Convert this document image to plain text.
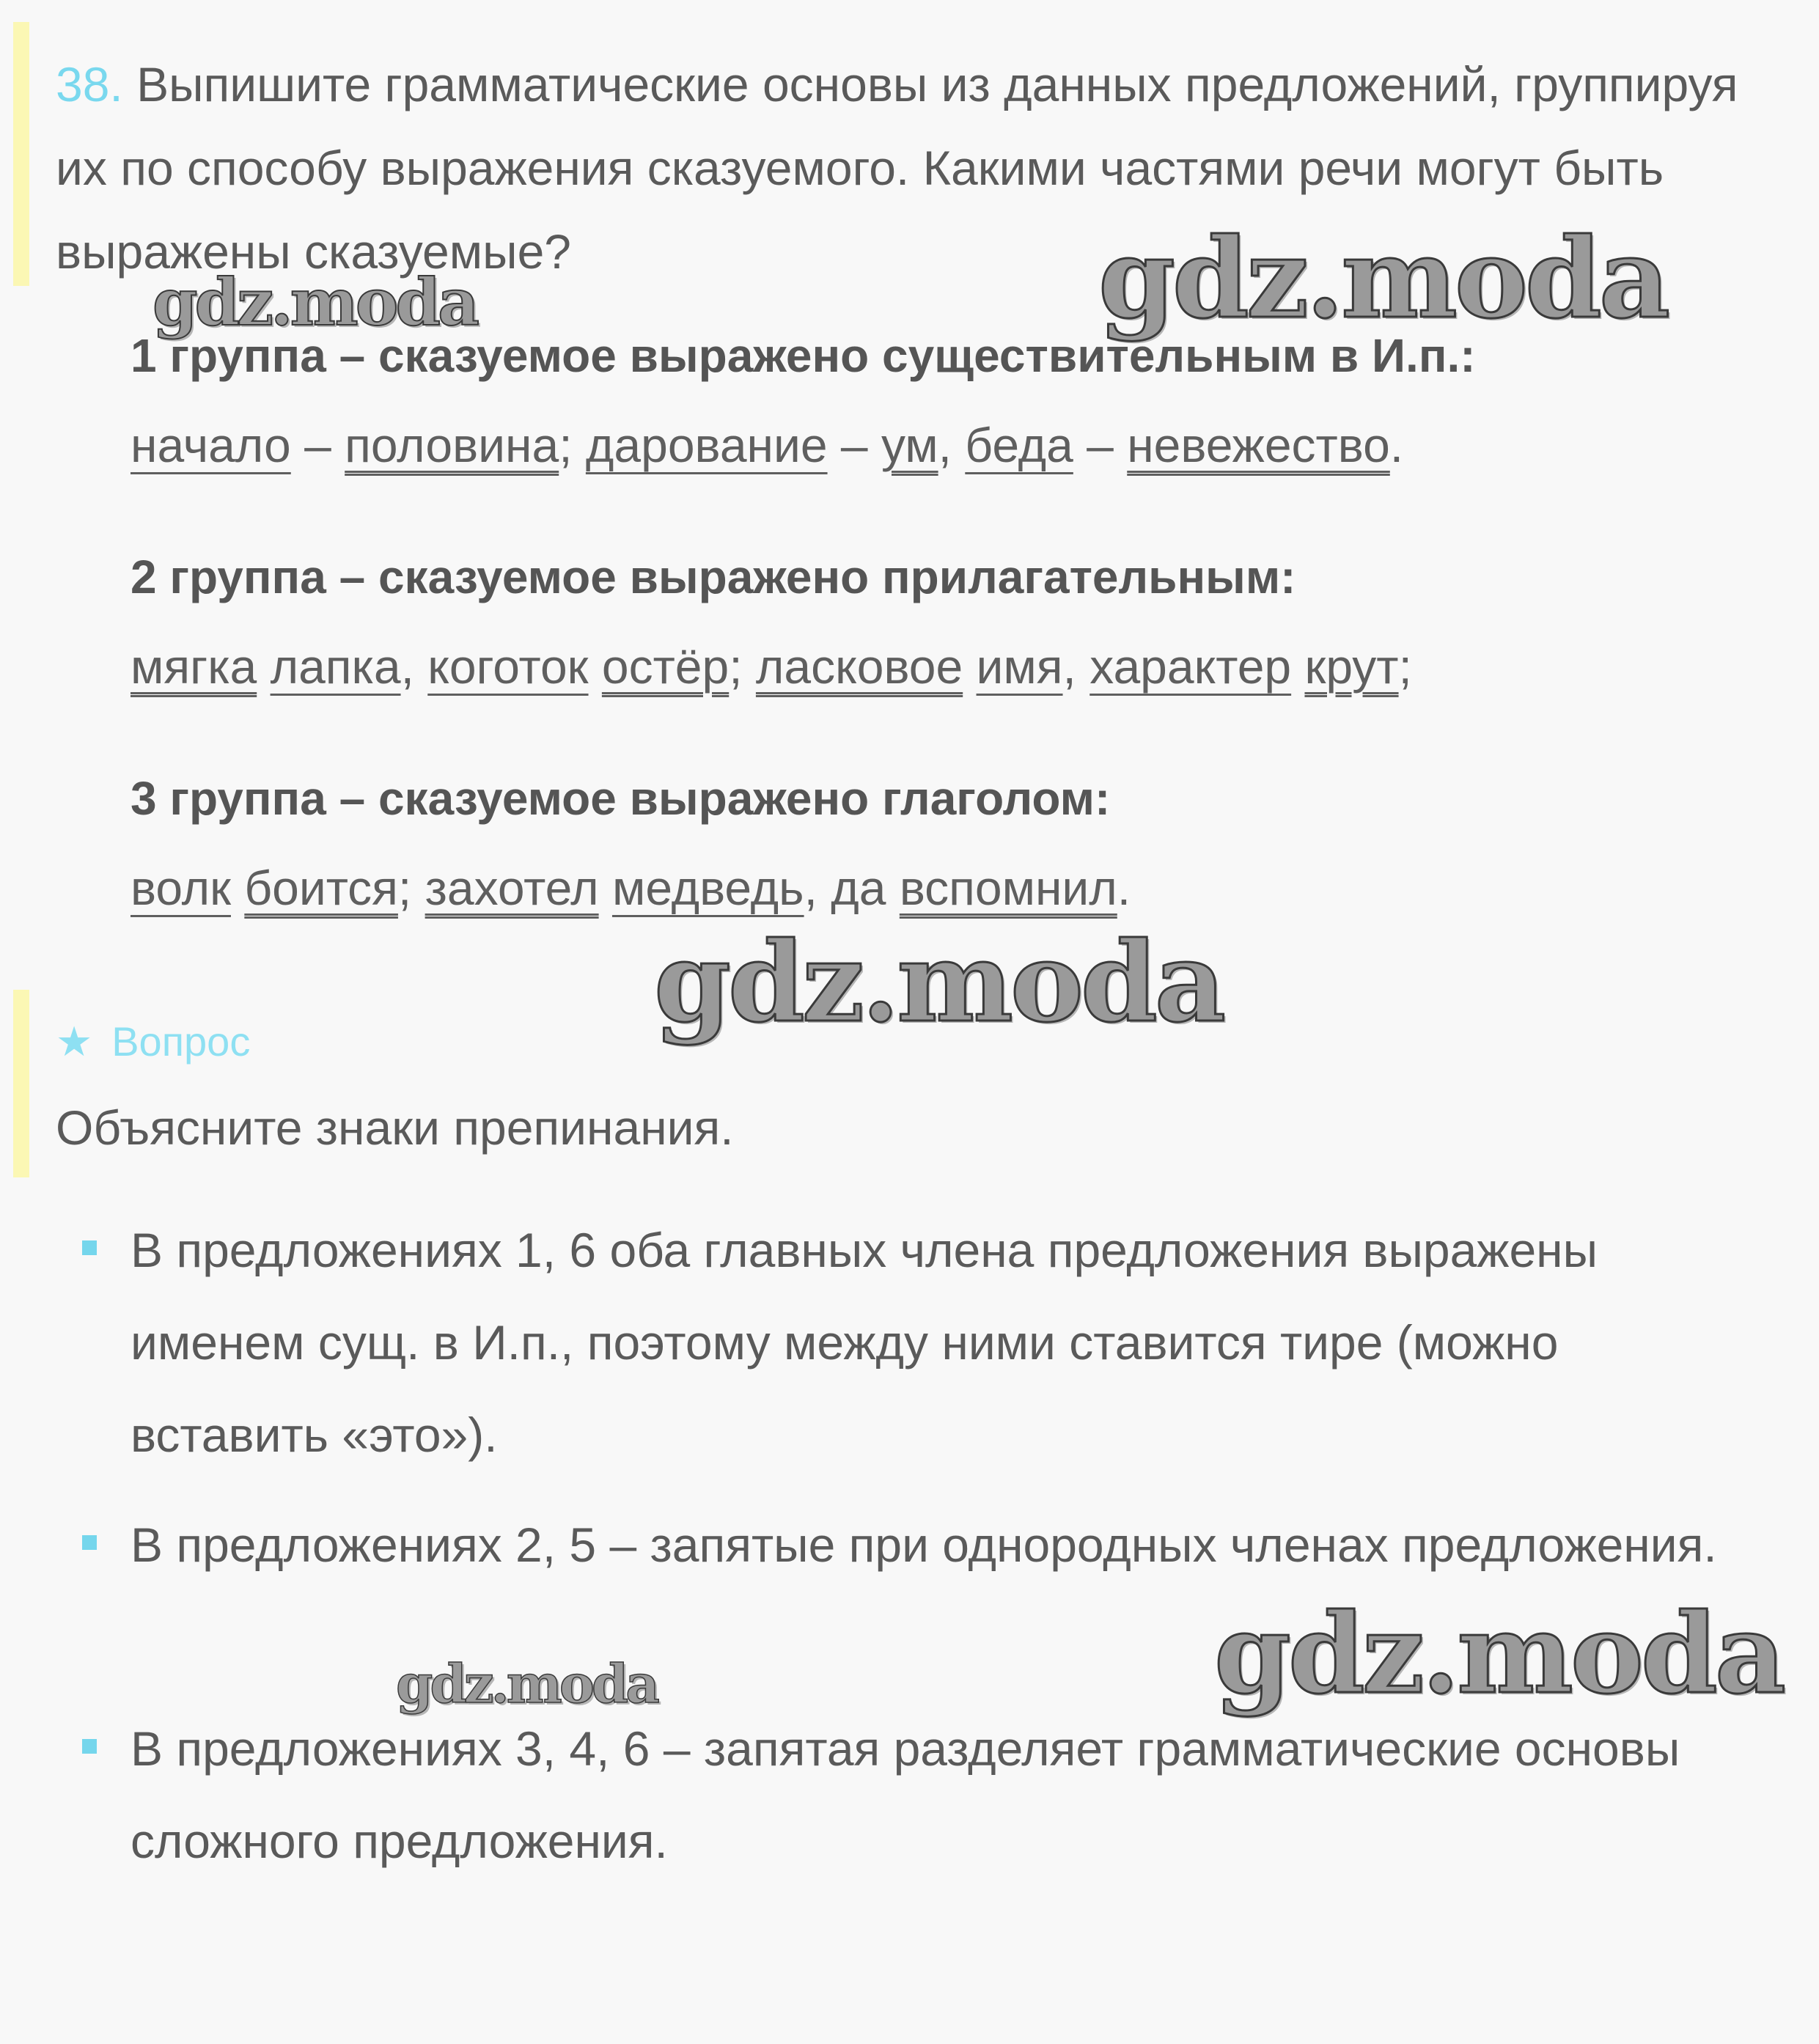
38. Выпишите грамматические основы из данных предложений, группируя их по способу выражения сказуемого. Какими частями речи могут быть выражены сказуемые?

1 группа – сказуемое выражено существительным в И.п.:

начало – половина; дарование – ум, беда – невежество.

2 группа – сказуемое выражено прилагательным:

мягка лапка, коготок остёр; ласковое имя, характер крут;

3 группа – сказуемое выражено глаголом:

волк боится; захотел медведь, да вспомнил.

★ Вопрос
Объясните знаки препинания.
В предложениях 1, 6 оба главных члена предложения выражены именем сущ. в И.п., поэтому между ними ставится тире (можно вставить «это»).
В предложениях 2, 5 – запятые при однородных членах предложения.
В предложениях 3, 4, 6 – запятая разделяет грамматические основы сложного предложения.
gdz.moda	gdz.moda
gdz.moda
gdz.moda
gdz.moda
